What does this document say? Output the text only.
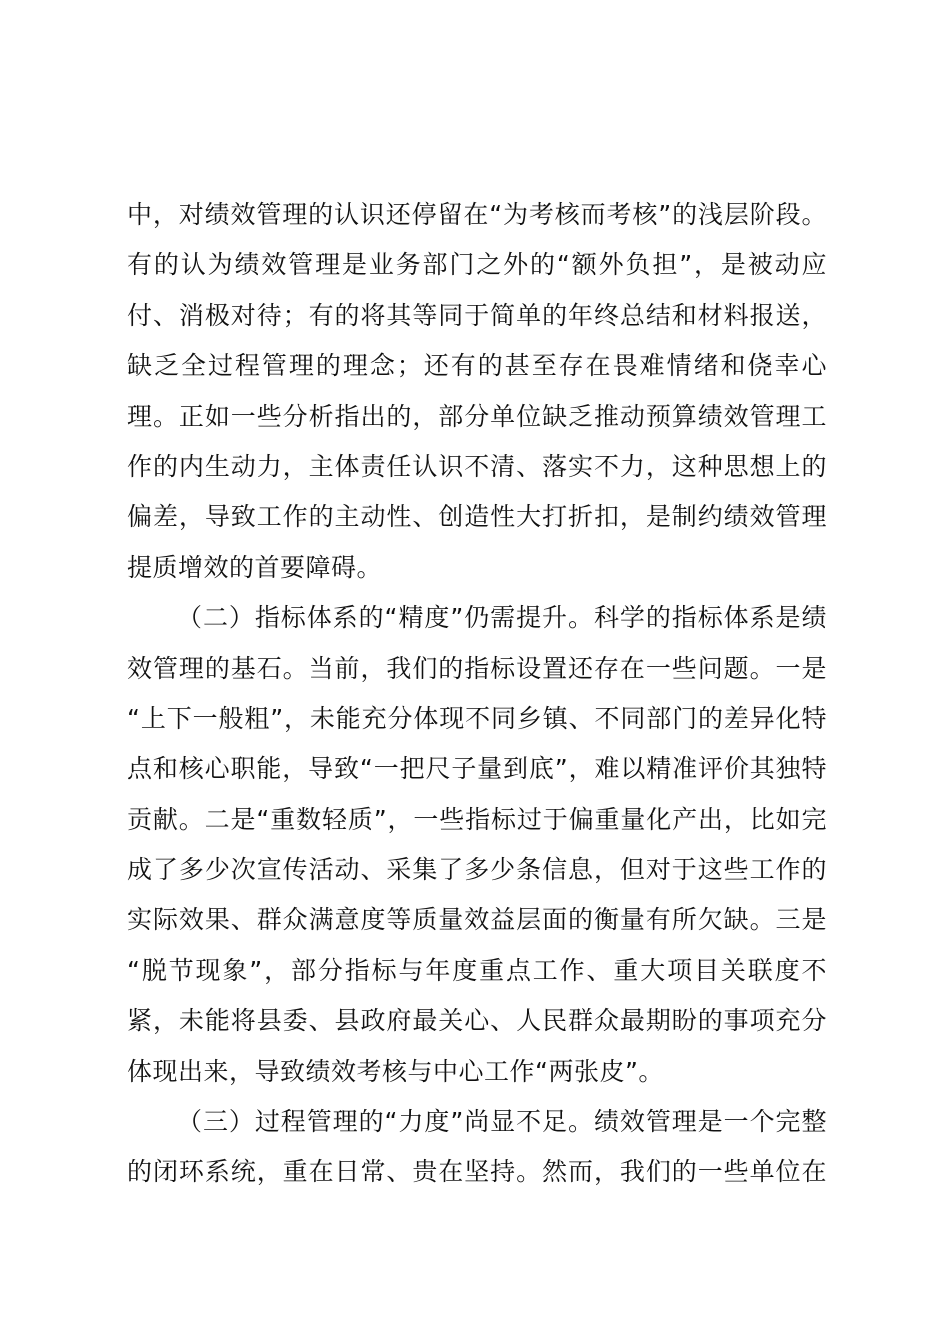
中，对绩效管理的认识还停留在“为考核而考核”的浅层阶段。
有的认为绩效管理是业务部门之外的“额外负担”，是被动应
付、消极对待；有的将其等同于简单的年终总结和材料报送，
缺乏全过程管理的理念；还有的甚至存在畏难情绪和侥幸心
理。正如一些分析指出的，部分单位缺乏推动预算绩效管理工
作的内生动力，主体责任认识不清、落实不力，这种思想上的
偏差，导致工作的主动性、创造性大打折扣，是制约绩效管理
提质增效的首要障碍。
（二）指标体系的“精度”仍需提升。科学的指标体系是绩
效管理的基石。当前，我们的指标设置还存在一些问题。一是
“上下一般粗”，未能充分体现不同乡镇、不同部门的差异化特
点和核心职能，导致“一把尺子量到底”，难以精准评价其独特
贡献。二是“重数轻质”，一些指标过于偏重量化产出，比如完
成了多少次宣传活动、采集了多少条信息，但对于这些工作的
实际效果、群众满意度等质量效益层面的衡量有所欠缺。三是
“脱节现象”，部分指标与年度重点工作、重大项目关联度不
紧，未能将县委、县政府最关心、人民群众最期盼的事项充分
体现出来，导致绩效考核与中心工作“两张皮”。
（三）过程管理的“力度”尚显不足。绩效管理是一个完整
的闭环系统，重在日常、贵在坚持。然而，我们的一些单位在
